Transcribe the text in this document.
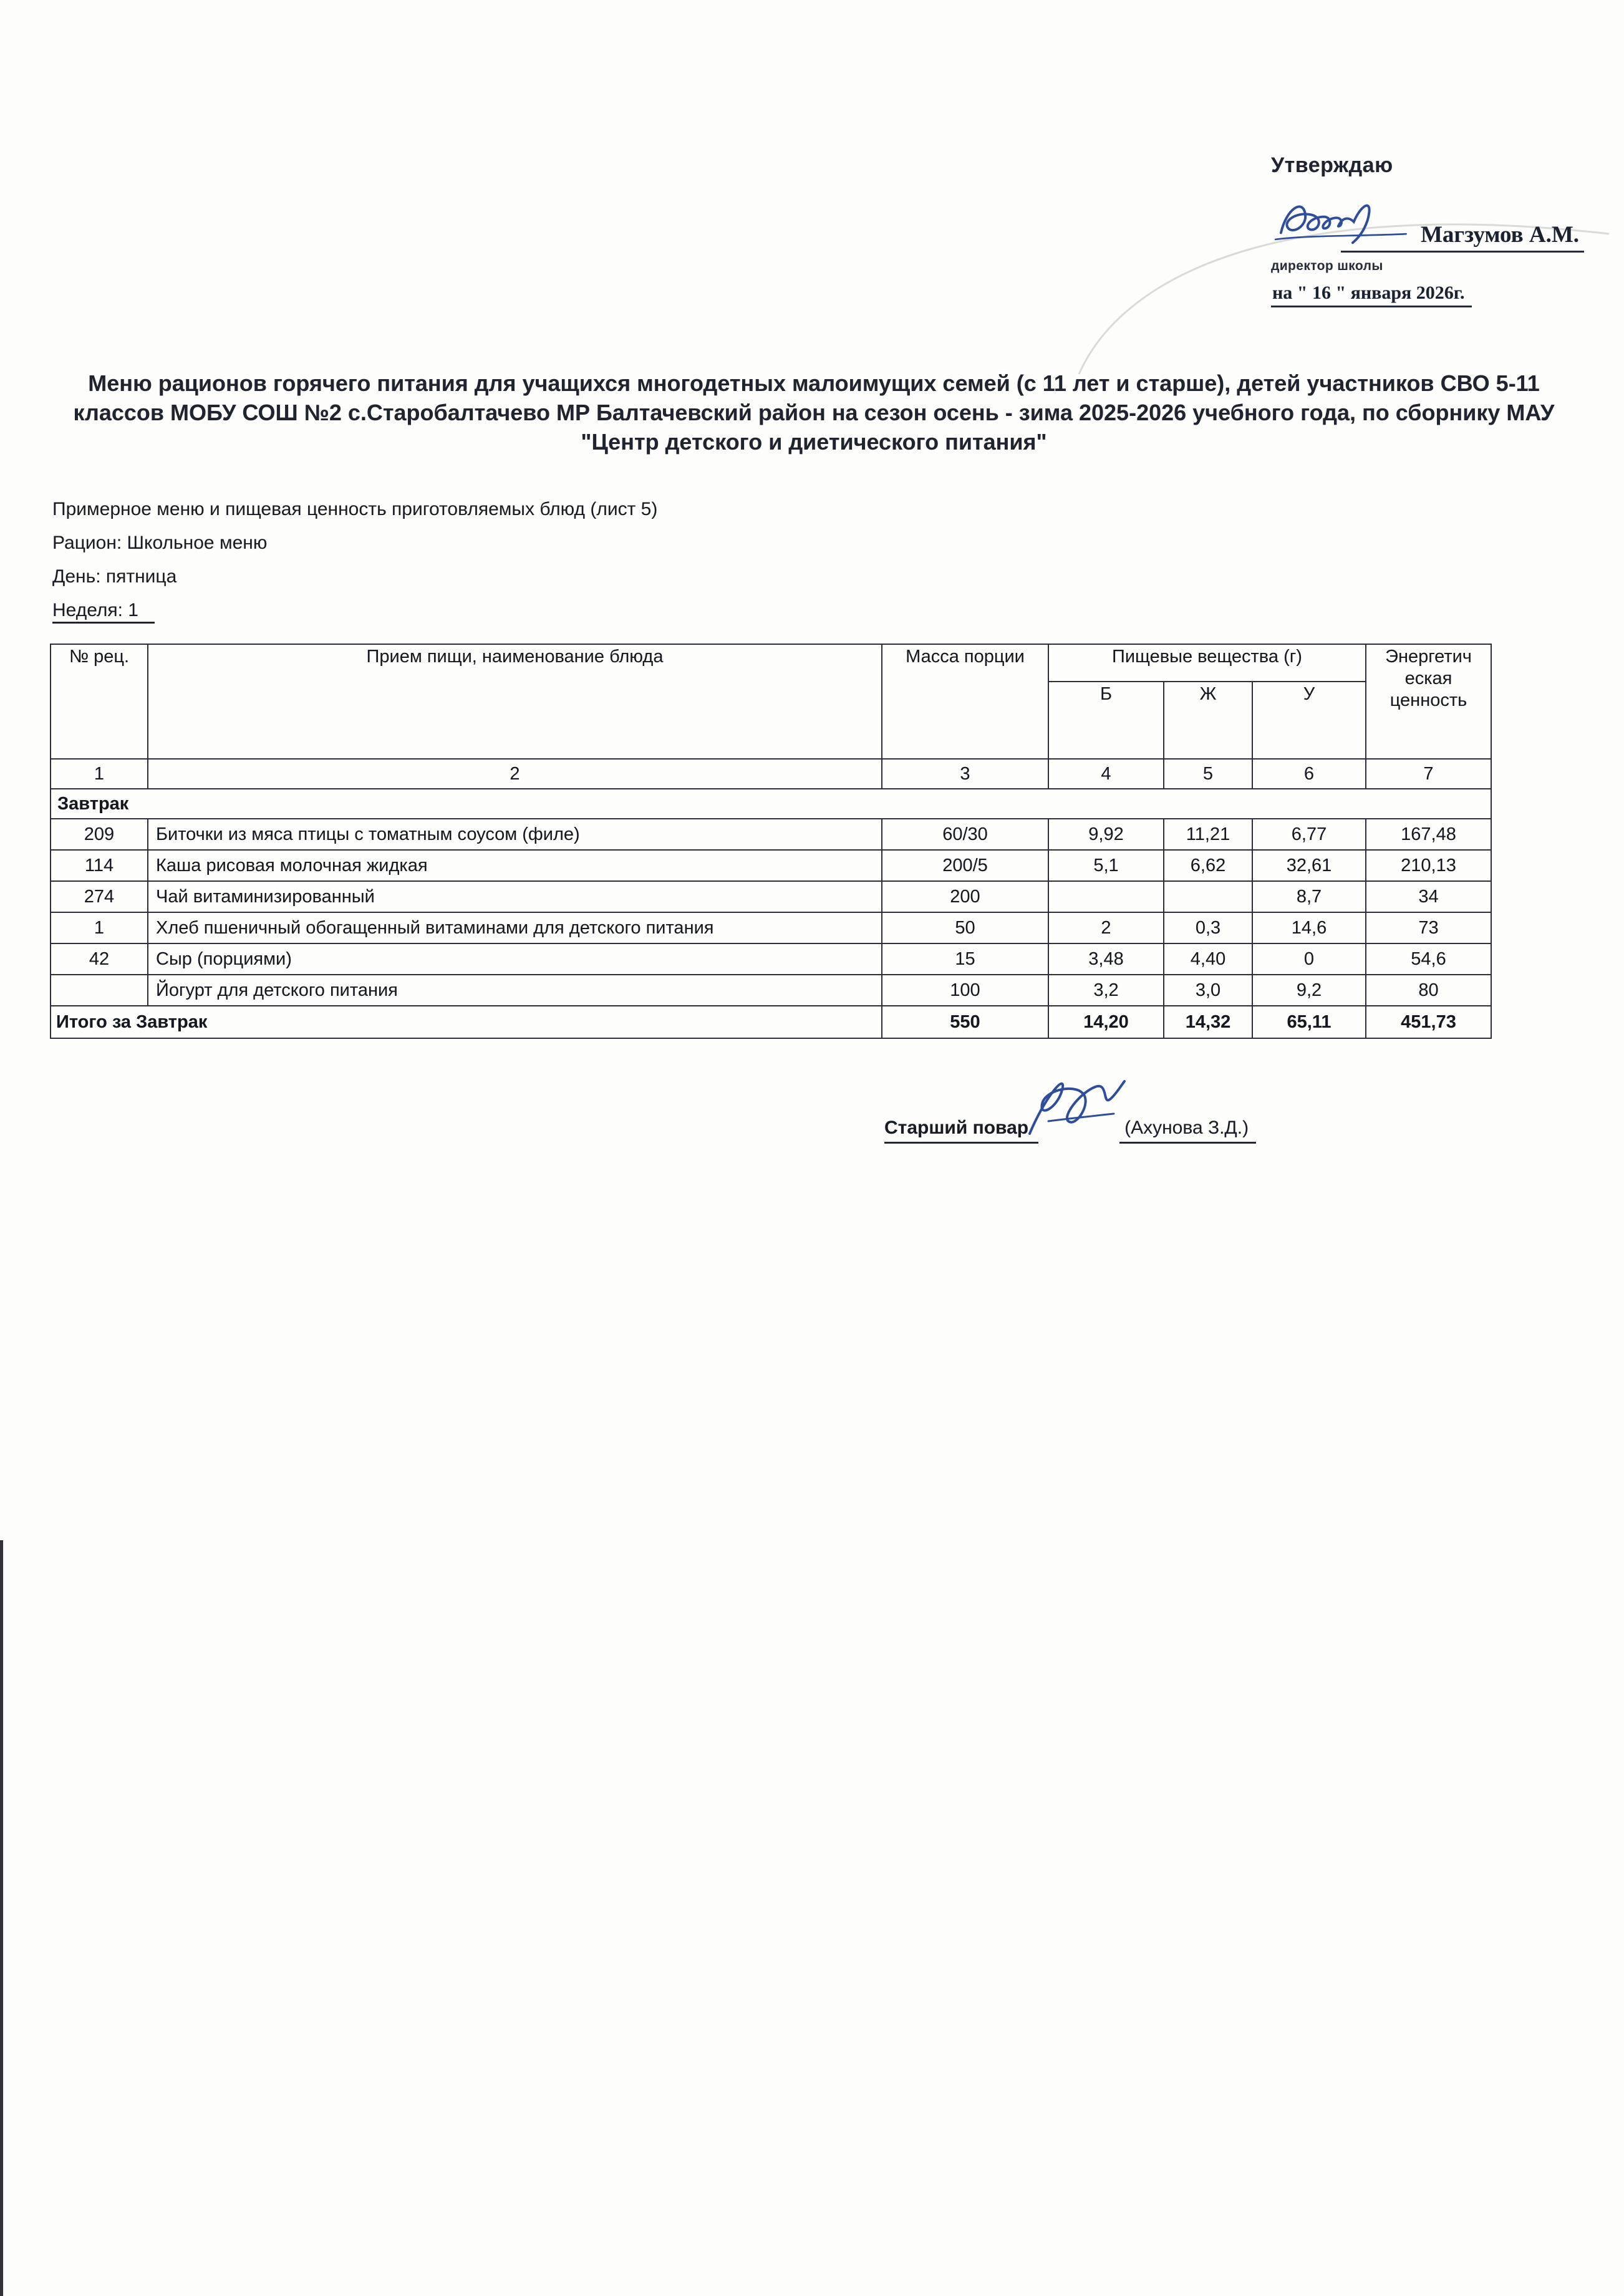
Утверждаю
Магзумов А.М.
директор школы
на " 16 " января 2026г.
Меню рационов горячего питания для учащихся многодетных малоимущих семей (с 11 лет и старше), детей участников СВО 5-11 классов МОБУ СОШ №2 с.Старобалтачево МР Балтачевский район на сезон осень - зима 2025-2026 учебного года, по сборнику МАУ "Центр детского и диетического питания"
Примерное меню и пищевая ценность приготовляемых блюд (лист 5)
Рацион: Школьное меню
День: пятница
Неделя: 1
№ рец.	Прием пищи, наименование блюда	Масса порции	Пищевые вещества (г)			Энергетич еская ценность
			Б	Ж	У	
1	2	3	4	5	6	7
Завтрак						
209	Биточки из мяса птицы с томатным соусом (филе)	60/30	9,92	11,21	6,77	167,48
114	Каша рисовая молочная жидкая	200/5	5,1	6,62	32,61	210,13
274	Чай витаминизированный	200			8,7	34
1	Хлеб пшеничный обогащенный витаминами для детского питания	50	2	0,3	14,6	73
42	Сыр (порциями)	15	3,48	4,40	0	54,6
	Йогурт для детского питания	100	3,2	3,0	9,2	80
Итого за Завтрак		550	14,20	14,32	65,11	451,73
Старший повар	(Ахунова З.Д.)
